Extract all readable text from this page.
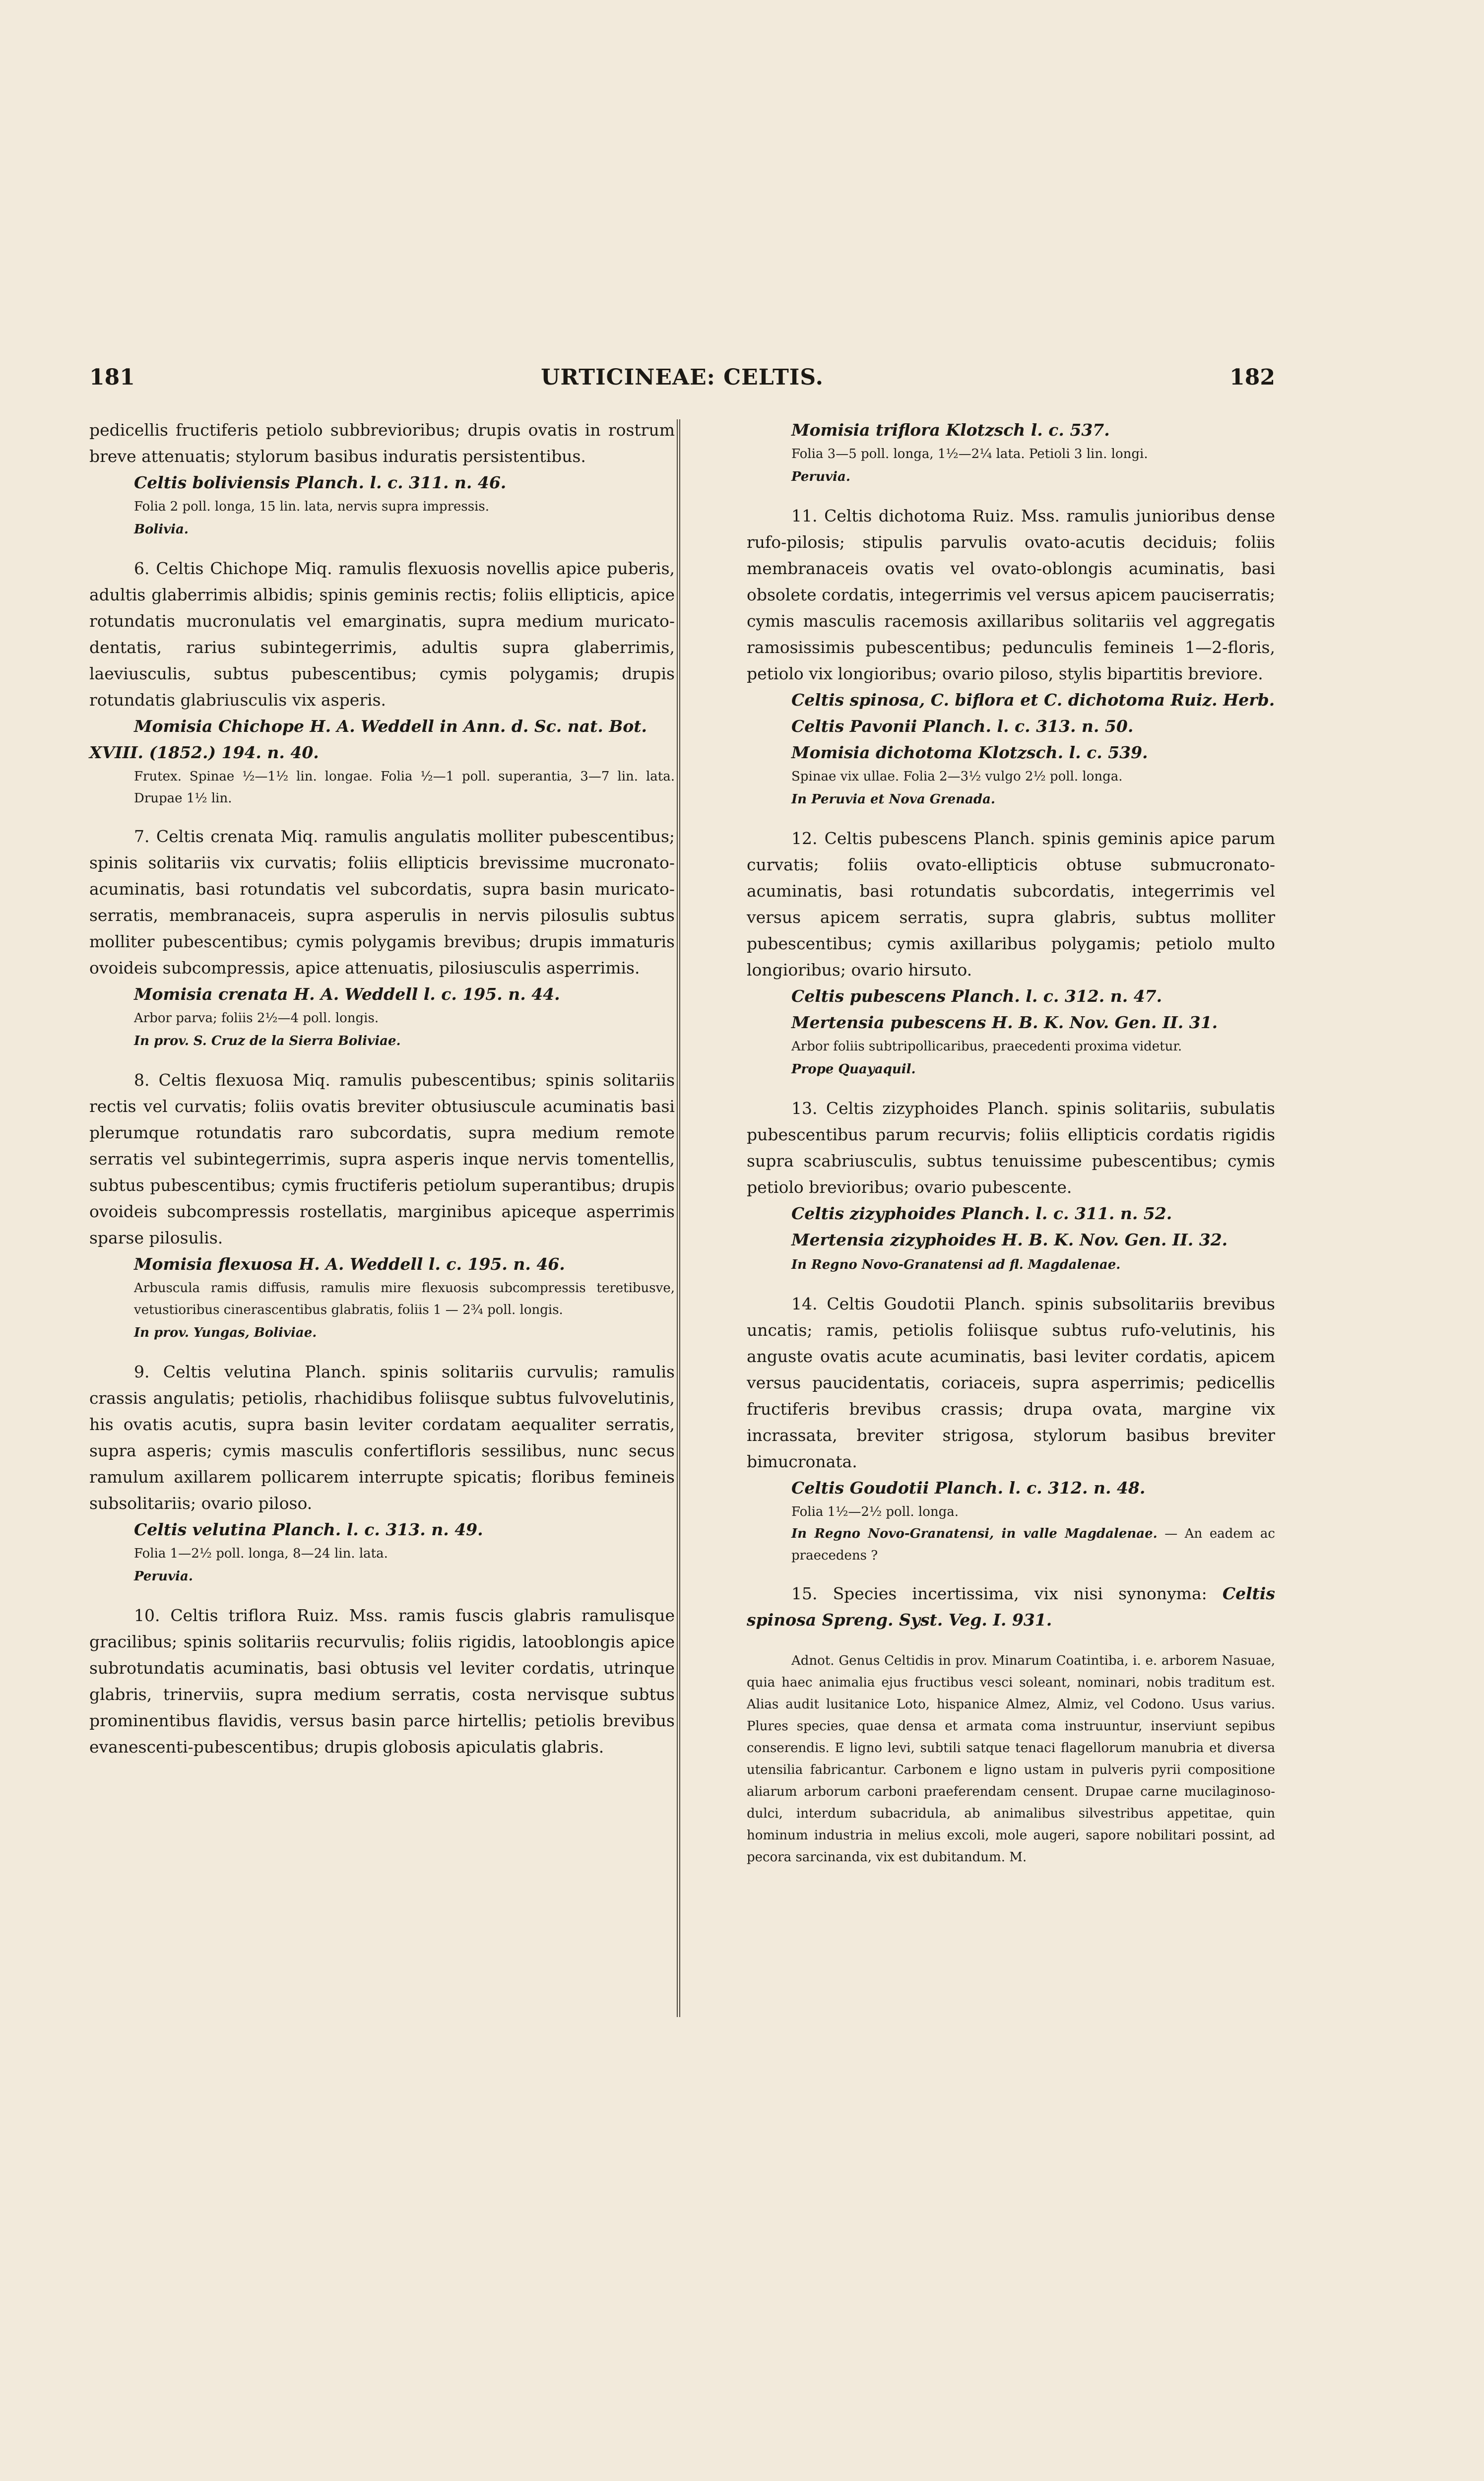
181	URTICINEAE: CELTIS.	182

pedicellis fructiferis petiolo subbrevioribus; drupis ovatis in rostrum breve attenuatis; stylorum basibus induratis persistentibus.

Celtis boliviensis Planch. l. c. 311. n. 46.

Folia 2 poll. longa, 15 lin. lata, nervis supra impressis.

Bolivia.

6. Celtis Chichope Miq. ramulis flexuosis novellis apice puberis, adultis glaberrimis albidis; spinis geminis rectis; foliis ellipticis, apice rotundatis mucronulatis vel emarginatis, supra medium muricato-dentatis, rarius subintegerrimis, adultis supra glaberrimis, laeviusculis, subtus pubescentibus; cymis polygamis; drupis rotundatis glabriusculis vix asperis.

Momisia Chichope H. A. Weddell in Ann. d. Sc. nat. Bot.

XVIII. (1852.) 194. n. 40.

Frutex. Spinae ½—1½ lin. longae. Folia ½—1 poll. superantia, 3—7 lin. lata. Drupae 1½ lin.

7. Celtis crenata Miq. ramulis angulatis molliter pubescentibus; spinis solitariis vix curvatis; foliis ellipticis brevissime mucronato-acuminatis, basi rotundatis vel subcordatis, supra basin muricato-serratis, membranaceis, supra asperulis in nervis pilosulis subtus molliter pubescentibus; cymis polygamis brevibus; drupis immaturis ovoideis subcompressis, apice attenuatis, pilosiusculis asperrimis.

Momisia crenata H. A. Weddell l. c. 195. n. 44.

Arbor parva; foliis 2½—4 poll. longis.

In prov. S. Cruz de la Sierra Boliviae.

8. Celtis flexuosa Miq. ramulis pubescentibus; spinis solitariis rectis vel curvatis; foliis ovatis breviter obtusiuscule acuminatis basi plerumque rotundatis raro subcordatis, supra medium remote serratis vel subintegerrimis, supra asperis inque nervis tomentellis, subtus pubescentibus; cymis fructiferis petiolum superantibus; drupis ovoideis subcompressis rostellatis, marginibus apiceque asperrimis sparse pilosulis.

Momisia flexuosa H. A. Weddell l. c. 195. n. 46.

Arbuscula ramis diffusis, ramulis mire flexuosis subcompressis teretibusve, vetustioribus cinerascentibus glabratis, foliis 1 — 2¾ poll. longis.

In prov. Yungas, Boliviae.

9. Celtis velutina Planch. spinis solitariis curvulis; ramulis crassis angulatis; petiolis, rhachidibus foliisque subtus fulvovelutinis, his ovatis acutis, supra basin leviter cordatam aequaliter serratis, supra asperis; cymis masculis confertifloris sessilibus, nunc secus ramulum axillarem pollicarem interrupte spicatis; floribus femineis subsolitariis; ovario piloso.

Celtis velutina Planch. l. c. 313. n. 49.

Folia 1—2½ poll. longa, 8—24 lin. lata.

Peruvia.

10. Celtis triflora Ruiz. Mss. ramis fuscis glabris ramulisque gracilibus; spinis solitariis recurvulis; foliis rigidis, latooblongis apice subrotundatis acuminatis, basi obtusis vel leviter cordatis, utrinque glabris, trinerviis, supra medium serratis, costa nervisque subtus prominentibus flavidis, versus basin parce hirtellis; petiolis brevibus evanescenti-pubescentibus; drupis globosis apiculatis glabris.

Momisia triflora Klotzsch l. c. 537.

Folia 3—5 poll. longa, 1½—2¼ lata. Petioli 3 lin. longi.

Peruvia.

11. Celtis dichotoma Ruiz. Mss. ramulis junioribus dense rufo-pilosis; stipulis parvulis ovato-acutis deciduis; foliis membranaceis ovatis vel ovato-oblongis acuminatis, basi obsolete cordatis, integerrimis vel versus apicem pauciserratis; cymis masculis racemosis axillaribus solitariis vel aggregatis ramosissimis pubescentibus; pedunculis femineis 1—2-floris, petiolo vix longioribus; ovario piloso, stylis bipartitis breviore.

Celtis spinosa, C. biflora et C. dichotoma Ruiz. Herb.

Celtis Pavonii Planch. l. c. 313. n. 50.

Momisia dichotoma Klotzsch. l. c. 539.

Spinae vix ullae. Folia 2—3½ vulgo 2½ poll. longa.

In Peruvia et Nova Grenada.

12. Celtis pubescens Planch. spinis geminis apice parum curvatis; foliis ovato-ellipticis obtuse submucronato-acuminatis, basi rotundatis subcordatis, integerrimis vel versus apicem serratis, supra glabris, subtus molliter pubescentibus; cymis axillaribus polygamis; petiolo multo longioribus; ovario hirsuto.

Celtis pubescens Planch. l. c. 312. n. 47.

Mertensia pubescens H. B. K. Nov. Gen. II. 31.

Arbor foliis subtripollicaribus, praecedenti proxima videtur.

Prope Quayaquil.

13. Celtis zizyphoides Planch. spinis solitariis, subulatis pubescentibus parum recurvis; foliis ellipticis cordatis rigidis supra scabriusculis, subtus tenuissime pubescentibus; cymis petiolo brevioribus; ovario pubescente.

Celtis zizyphoides Planch. l. c. 311. n. 52.

Mertensia zizyphoides H. B. K. Nov. Gen. II. 32.

In Regno Novo-Granatensi ad fl. Magdalenae.

14. Celtis Goudotii Planch. spinis subsolitariis brevibus uncatis; ramis, petiolis foliisque subtus rufo-velutinis, his anguste ovatis acute acuminatis, basi leviter cordatis, apicem versus paucidentatis, coriaceis, supra asperrimis; pedicellis fructiferis brevibus crassis; drupa ovata, margine vix incrassata, breviter strigosa, stylorum basibus breviter bimucronata.

Celtis Goudotii Planch. l. c. 312. n. 48.

Folia 1½—2½ poll. longa.

In Regno Novo-Granatensi, in valle Magdalenae. — An eadem ac praecedens ?

15. Species incertissima, vix nisi synonyma: Celtis spinosa Spreng. Syst. Veg. I. 931.

Adnot. Genus Celtidis in prov. Minarum Coatintiba, i. e. arborem Nasuae, quia haec animalia ejus fructibus vesci soleant, nominari, nobis traditum est. Alias audit lusitanice Loto, hispanice Almez, Almiz, vel Codono. Usus varius. Plures species, quae densa et armata coma instruuntur, inserviunt sepibus conserendis. E ligno levi, subtili satque tenaci flagellorum manubria et diversa utensilia fabricantur. Carbonem e ligno ustam in pulveris pyrii compositione aliarum arborum carboni praeferendam censent. Drupae carne mucilaginoso-dulci, interdum subacridula, ab animalibus silvestribus appetitae, quin hominum industria in melius excoli, mole augeri, sapore nobilitari possint, ad pecora sarcinanda, vix est dubitandum. M.
